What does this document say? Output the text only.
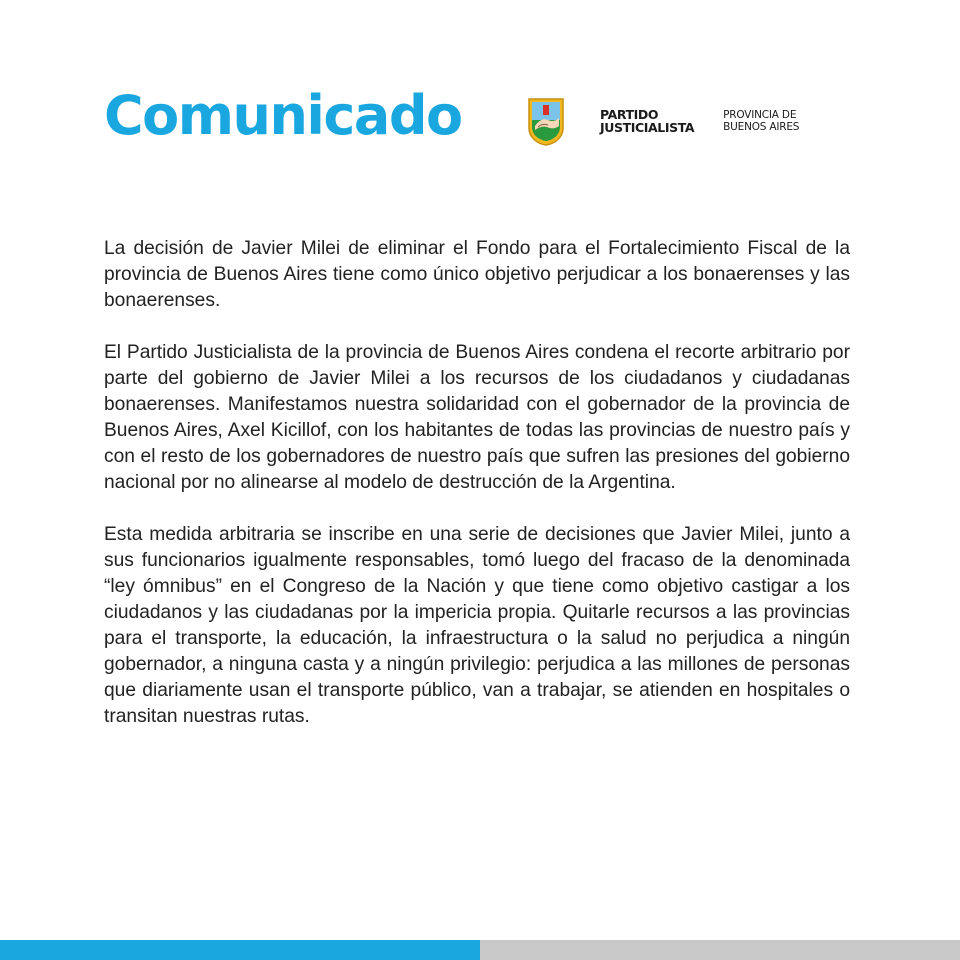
Comunicado	PARTIDO
JUSTICIALISTA
PROVINCIA DE
BUENOS AIRES

La decisión de Javier Milei de eliminar el Fondo para el Fortalecimiento Fiscal de la provincia de Buenos Aires tiene como único objetivo perjudicar a los bonaerenses y las bonaerenses.

El Partido Justicialista de la provincia de Buenos Aires condena el recorte arbitrario por parte del gobierno de Javier Milei a los recursos de los ciudadanos y ciudadanas bonaerenses. Manifestamos nuestra solidaridad con el gobernador de la provincia de Buenos Aires, Axel Kicillof, con los habitantes de todas las provincias de nuestro país y con el resto de los gobernadores de nuestro país que sufren las presiones del gobierno nacional por no alinearse al modelo de destrucción de la Argentina.

Esta medida arbitraria se inscribe en una serie de decisiones que Javier Milei, junto a sus funcionarios igualmente responsables, tomó luego del fracaso de la denominada “ley ómnibus” en el Congreso de la Nación y que tiene como objetivo castigar a los ciudadanos y las ciudadanas por la impericia propia. Quitarle recursos a las provincias para el transporte, la educación, la infraestructura o la salud no perjudica a ningún gobernador, a ninguna casta y a ningún privilegio: perjudica a las millones de personas que diariamente usan el transporte público, van a trabajar, se atienden en hospitales o transitan nuestras rutas.
